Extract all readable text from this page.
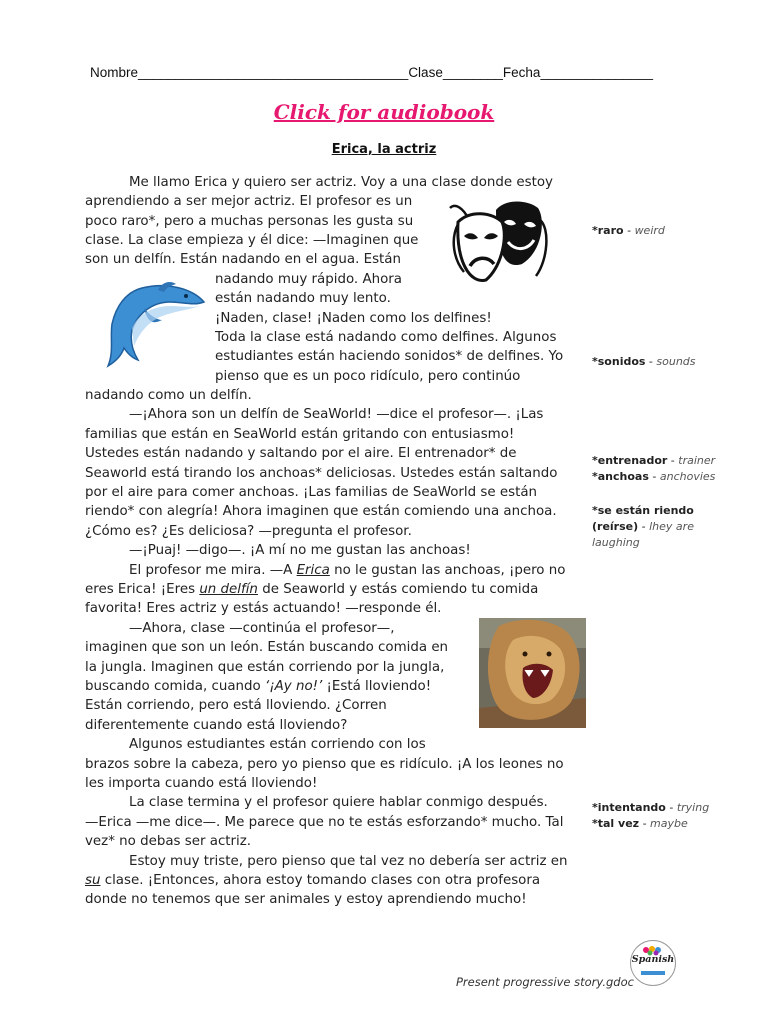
Nombre____________________________________Clase________Fecha_______________
Click for audiobook
Erica, la actriz
Me llamo Erica y quiero ser actriz. Voy a una clase donde estoy
aprendiendo a ser mejor actriz. El profesor es un
poco raro*, pero a muchas personas les gusta su
clase. La clase empieza y él dice: —Imaginen que
son un delfín. Están nadando en el agua. Están
nadando muy rápido. Ahora
están nadando muy lento.
¡Naden, clase! ¡Naden como los delfines!
Toda la clase está nadando como delfines. Algunos
estudiantes están haciendo sonidos* de delfines. Yo
pienso que es un poco ridículo, pero continúo
nadando como un delfín.
—¡Ahora son un delfín de SeaWorld! —dice el profesor—. ¡Las
familias que están en SeaWorld están gritando con entusiasmo!
Ustedes están nadando y saltando por el aire. El entrenador* de
Seaworld está tirando los anchoas* deliciosas. Ustedes están saltando
por el aire para comer anchoas. ¡Las familias de SeaWorld se están
riendo* con alegría! Ahora imaginen que están comiendo una anchoa.
¿Cómo es? ¿Es deliciosa? —pregunta el profesor.
—¡Puaj! —digo—. ¡A mí no me gustan las anchoas!
El profesor me mira. —A Erica no le gustan las anchoas, ¡pero no
eres Erica! ¡Eres un delfín de Seaworld y estás comiendo tu comida
favorita! Eres actriz y estás actuando! —responde él.
—Ahora, clase —continúa el profesor—,
imaginen que son un león. Están buscando comida en
la jungla. Imaginen que están corriendo por la jungla,
buscando comida, cuando ‘¡Ay no!’ ¡Está lloviendo!
Están corriendo, pero está lloviendo. ¿Corren
diferentemente cuando está lloviendo?
Algunos estudiantes están corriendo con los
brazos sobre la cabeza, pero yo pienso que es ridículo. ¡A los leones no
les importa cuando está lloviendo!
La clase termina y el profesor quiere hablar conmigo después.
—Erica —me dice—. Me parece que no te estás esforzando* mucho. Tal
vez* no debas ser actriz.
Estoy muy triste, pero pienso que tal vez no debería ser actriz en
su clase. ¡Entonces, ahora estoy tomando clases con otra profesora
donde no tenemos que ser animales y estoy aprendiendo mucho!
*raro - weird
*sonidos - sounds
*entrenador - trainer
*anchoas - anchovies
*se están riendo
(reírse) - lhey are
laughing
*intentando - trying
*tal vez - maybe
Spanish
Present progressive story.gdoc
